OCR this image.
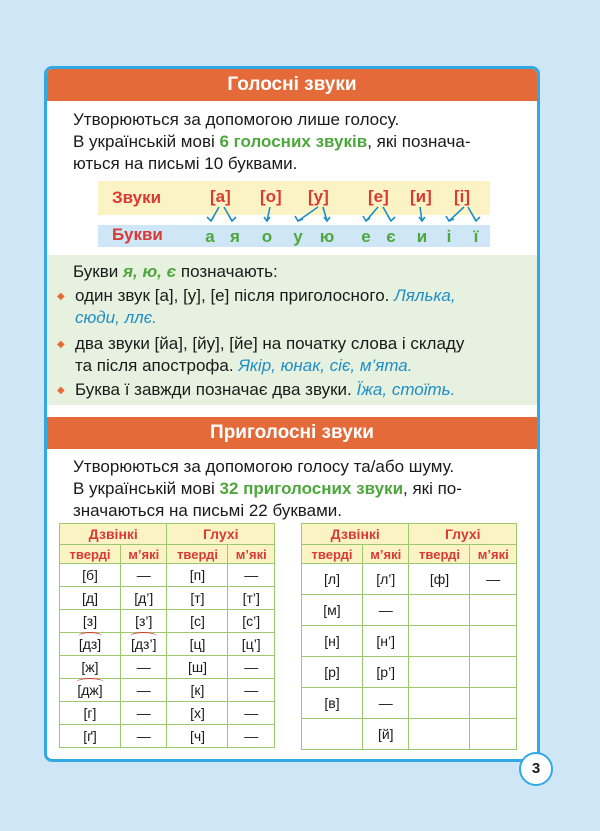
Голосні звуки
Утворюються за допомогою лише голосу.
В українській мові 6 голосних звуків, які познача-
ються на письмі 10 буквами.
Звуки
Букви
[а] [о] [у] [е] [и] [і]
а я о	у	ю	е є	и	і	ї
Букви я, ю, є позначають:
◆ один звук [а], [у], [е] після приголосного. Лялька,
сюди, ллє.
◆ два звуки [йа], [йу], [йе] на початку слова і складу
та після апострофа. Якір, юнак, сіє, м’ята.
◆ Буква ї завжди позначає два звуки. Їжа, стоїть.
Приголосні звуки
Утворюються за допомогою голосу та/або шуму.
В українській мові 32 приголосних звуки, які по-
значаються на письмі 22 буквами.
Дзвінкі		Глухі	
тверді	м’які	тверді	м’які
[б]	—	[п]	—
[д]	[д’]	[т]	[т’]
[з]	[з’]	[с]	[с’]
[дз]	[дз’]	[ц]	[ц’]
[ж]	—	[ш]	—
[дж]	—	[к]	—
[г]	—	[х]	—
[ґ]	—	[ч]	—
Дзвінкі		Глухі	
тверді	м’які	тверді	м’які
[л]	[л’]	[ф]	—
[м]	—		
[н]	[н’]		
[р]	[р’]		
[в]	—		
	[й]		
3
